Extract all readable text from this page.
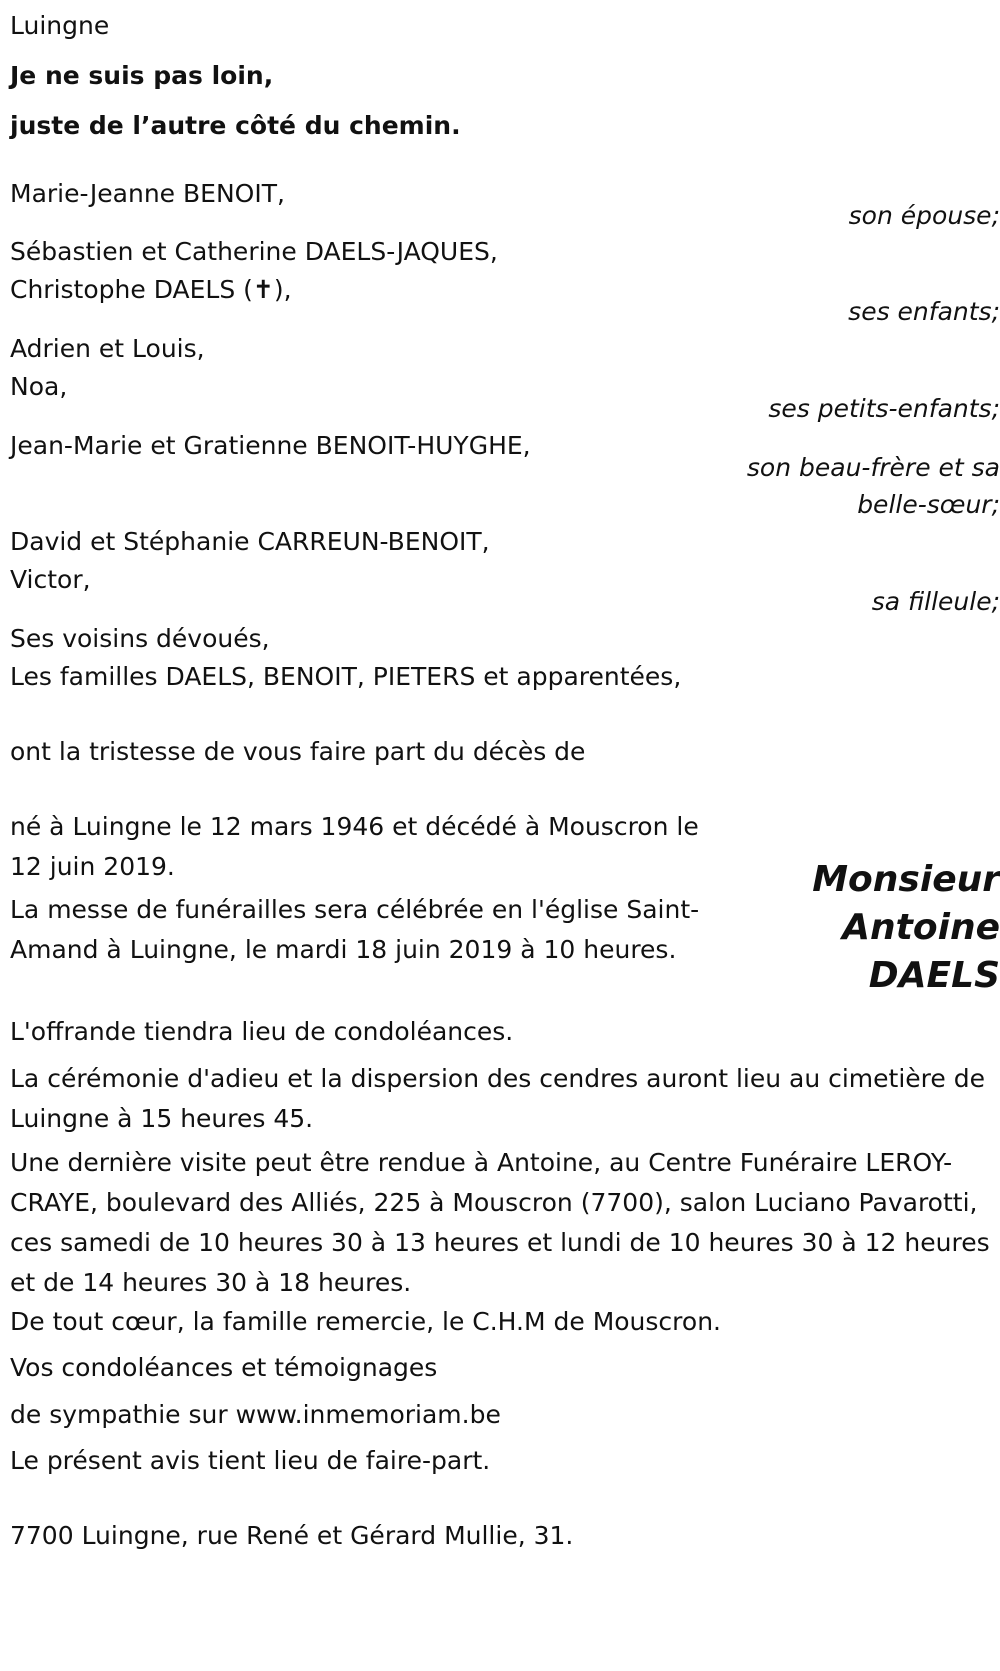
Luingne

Je ne suis pas loin,

juste de l’autre côté du chemin.

Marie-Jeanne BENOIT,

son épouse;

Sébastien et Catherine DAELS-JAQUES,

Christophe DAELS (✝),

ses enfants;

Adrien et Louis,

Noa,

ses petits-enfants;

Jean-Marie et Gratienne BENOIT-HUYGHE,

son beau-frère et sa

belle-sœur;

David et Stéphanie CARREUN-BENOIT,

Victor,

sa filleule;

Ses voisins dévoués,

Les familles DAELS, BENOIT, PIETERS et apparentées,

ont la tristesse de vous faire part du décès de

Monsieur
Antoine
DAELS

né à Luingne le 12 mars 1946 et décédé à Mouscron le 12 juin 2019.

La messe de funérailles sera célébrée en l'église Saint-Amand à Luingne, le mardi 18 juin 2019 à 10 heures.

L'offrande tiendra lieu de condoléances.

La cérémonie d'adieu et la dispersion des cendres auront lieu au cimetière de Luingne à 15 heures 45.

Une dernière visite peut être rendue à Antoine, au Centre Funéraire LEROY-CRAYE, boulevard des Alliés, 225 à Mouscron (7700), salon Luciano Pavarotti, ces samedi de 10 heures 30 à 13 heures et lundi de 10 heures 30 à 12 heures et de 14 heures 30 à 18 heures.

De tout cœur, la famille remercie, le C.H.M de Mouscron.

Vos condoléances et témoignages

de sympathie sur www.inmemoriam.be

Le présent avis tient lieu de faire-part.

7700 Luingne, rue René et Gérard Mullie, 31.
